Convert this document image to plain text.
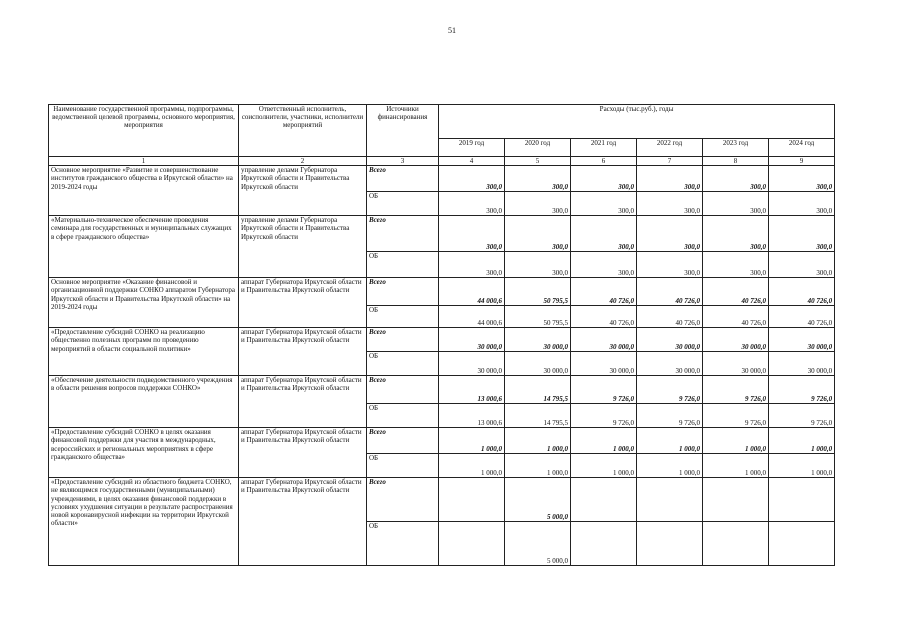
51
Наименование государственной программы, подпрограммы, ведомственной целевой программы, основного мероприятия, мероприятия	Ответственный исполнитель, соисполнители, участники, исполнители мероприятий	Источники финансирования	Расходы (тыс.руб.), годы					
			2019 год	2020 год	2021 год	2022 год	2023 год	2024 год
1	2	3	4	5	6	7	8	9
Основное мероприятие «Развитие и совершенствование институтов гражданского общества в Иркутской области» на 2019-2024 годы	управление делами Губернатора Иркутской области и Правительства Иркутской области	Всего	300,0	300,0	300,0	300,0	300,0	300,0
		ОБ	300,0	300,0	300,0	300,0	300,0	300,0
«Материально-техническое обеспечение проведения семинара для государственных и муниципальных служащих в сфере гражданского общества»	управление делами Губернатора Иркутской области и Правительства Иркутской области	Всего	300,0	300,0	300,0	300,0	300,0	300,0
		ОБ	300,0	300,0	300,0	300,0	300,0	300,0
Основное мероприятие «Оказание финансовой и организационной поддержки СОНКО аппаратом Губернатора Иркутской области и Правительства Иркутской области» на 2019-2024 годы	аппарат Губернатора Иркутской области и Правительства Иркутской области	Всего	44 000,6	50 795,5	40 726,0	40 726,0	40 726,0	40 726,0
		ОБ	44 000,6	50 795,5	40 726,0	40 726,0	40 726,0	40 726,0
«Предоставление субсидий СОНКО на реализацию общественно полезных программ по проведению мероприятий в области социальной политики»	аппарат Губернатора Иркутской области и Правительства Иркутской области	Всего	30 000,0	30 000,0	30 000,0	30 000,0	30 000,0	30 000,0
		ОБ	30 000,0	30 000,0	30 000,0	30 000,0	30 000,0	30 000,0
«Обеспечение деятельности подведомственного учреждения в области решения вопросов поддержки СОНКО»	аппарат Губернатора Иркутской области и Правительства Иркутской области	Всего	13 000,6	14 795,5	9 726,0	9 726,0	9 726,0	9 726,0
		ОБ	13 000,6	14 795,5	9 726,0	9 726,0	9 726,0	9 726,0
«Предоставление субсидий СОНКО в целях оказания финансовой поддержки для участия в международных, всероссийских и региональных мероприятиях в сфере гражданского общества»	аппарат Губернатора Иркутской области и Правительства Иркутской области	Всего	1 000,0	1 000,0	1 000,0	1 000,0	1 000,0	1 000,0
		ОБ	1 000,0	1 000,0	1 000,0	1 000,0	1 000,0	1 000,0
«Предоставление субсидий из областного бюджета СОНКО, не являющимся государственными (муниципальными) учреждениями, в целях оказания финансовой поддержки в условиях ухудшения ситуации в результате распространения новой коронавирусной инфекции на территории Иркутской области»	аппарат Губернатора Иркутской области и Правительства Иркутской области	Всего		5 000,0				
		ОБ		5 000,0				
